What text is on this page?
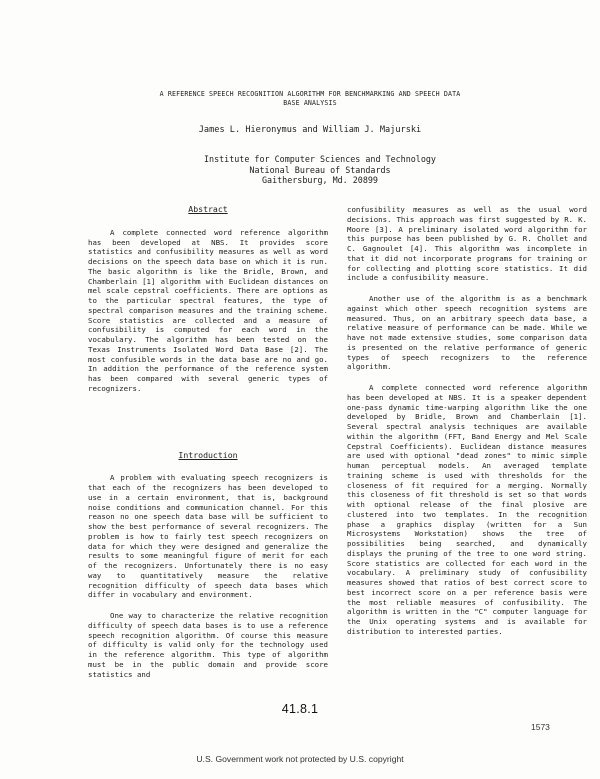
A REFERENCE SPEECH RECOGNITION ALGORITHM FOR BENCHMARKING AND SPEECH DATA BASE ANALYSIS
James L. Hieronymus and William J. Majurski
Institute for Computer Sciences and Technology
National Bureau of Standards
Gaithersburg, Md. 20899
Abstract

A complete connected word reference algorithm has been developed at NBS. It provides score statistics and confusibility measures as well as word decisions on the speech data base on which it is run. The basic algorithm is like the Bridle, Brown, and Chamberlain [1] algorithm with Euclidean distances on mel scale cepstral coefficients. There are options as to the particular spectral features, the type of spectral comparison measures and the training scheme. Score statistics are collected and a measure of confusibility is computed for each word in the vocabulary. The algorithm has been tested on the Texas Instruments Isolated Word Data Base [2]. The most confusible words in the data base are no and go. In addition the performance of the reference system has been compared with several generic types of recognizers.

Introduction

A problem with evaluating speech recognizers is that each of the recognizers has been developed to use in a certain environment, that is, background noise conditions and communication channel. For this reason no one speech data base will be sufficient to show the best performance of several recognizers. The problem is how to fairly test speech recognizers on data for which they were designed and generalize the results to some meaningful figure of merit for each of the recognizers. Unfortunately there is no easy way to quantitatively measure the relative recognition difficulty of speech data bases which differ in vocabulary and environment.

One way to characterize the relative recognition difficulty of speech data bases is to use a reference speech recognition algorithm. Of course this measure of difficulty is valid only for the technology used in the reference algorithm. This type of algorithm must be in the public domain and provide score statistics and

confusibility measures as well as the usual word decisions. This approach was first suggested by R. K. Moore [3]. A preliminary isolated word algorithm for this purpose has been published by G. R. Chollet and C. Gagnoulet [4]. This algorithm was incomplete in that it did not incorporate programs for training or for collecting and plotting score statistics. It did include a confusibility measure.

Another use of the algorithm is as a benchmark against which other speech recognition systems are measured. Thus, on an arbitrary speech data base, a relative measure of performance can be made. While we have not made extensive studies, some comparison data is presented on the relative performance of generic types of speech recognizers to the reference algorithm.

A complete connected word reference algorithm has been developed at NBS. It is a speaker dependent one-pass dynamic time-warping algorithm like the one developed by Bridle, Brown and Chamberlain [1]. Several spectral analysis techniques are available within the algorithm (FFT, Band Energy and Mel Scale Cepstral Coefficients). Euclidean distance measures are used with optional "dead zones" to mimic simple human perceptual models. An averaged template training scheme is used with thresholds for the closeness of fit required for a merging. Normally this closeness of fit threshold is set so that words with optional release of the final plosive are clustered into two templates. In the recognition phase a graphics display (written for a Sun Microsystems Workstation) shows the tree of possibilities being searched, and dynamically displays the pruning of the tree to one word string. Score statistics are collected for each word in the vocabulary. A preliminary study of confusibility measures showed that ratios of best correct score to best incorrect score on a per reference basis were the most reliable measures of confusibility. The algorithm is written in the "C" computer language for the Unix operating systems and is available for distribution to interested parties.

41.8.1
1573
U.S. Government work not protected by U.S. copyright
